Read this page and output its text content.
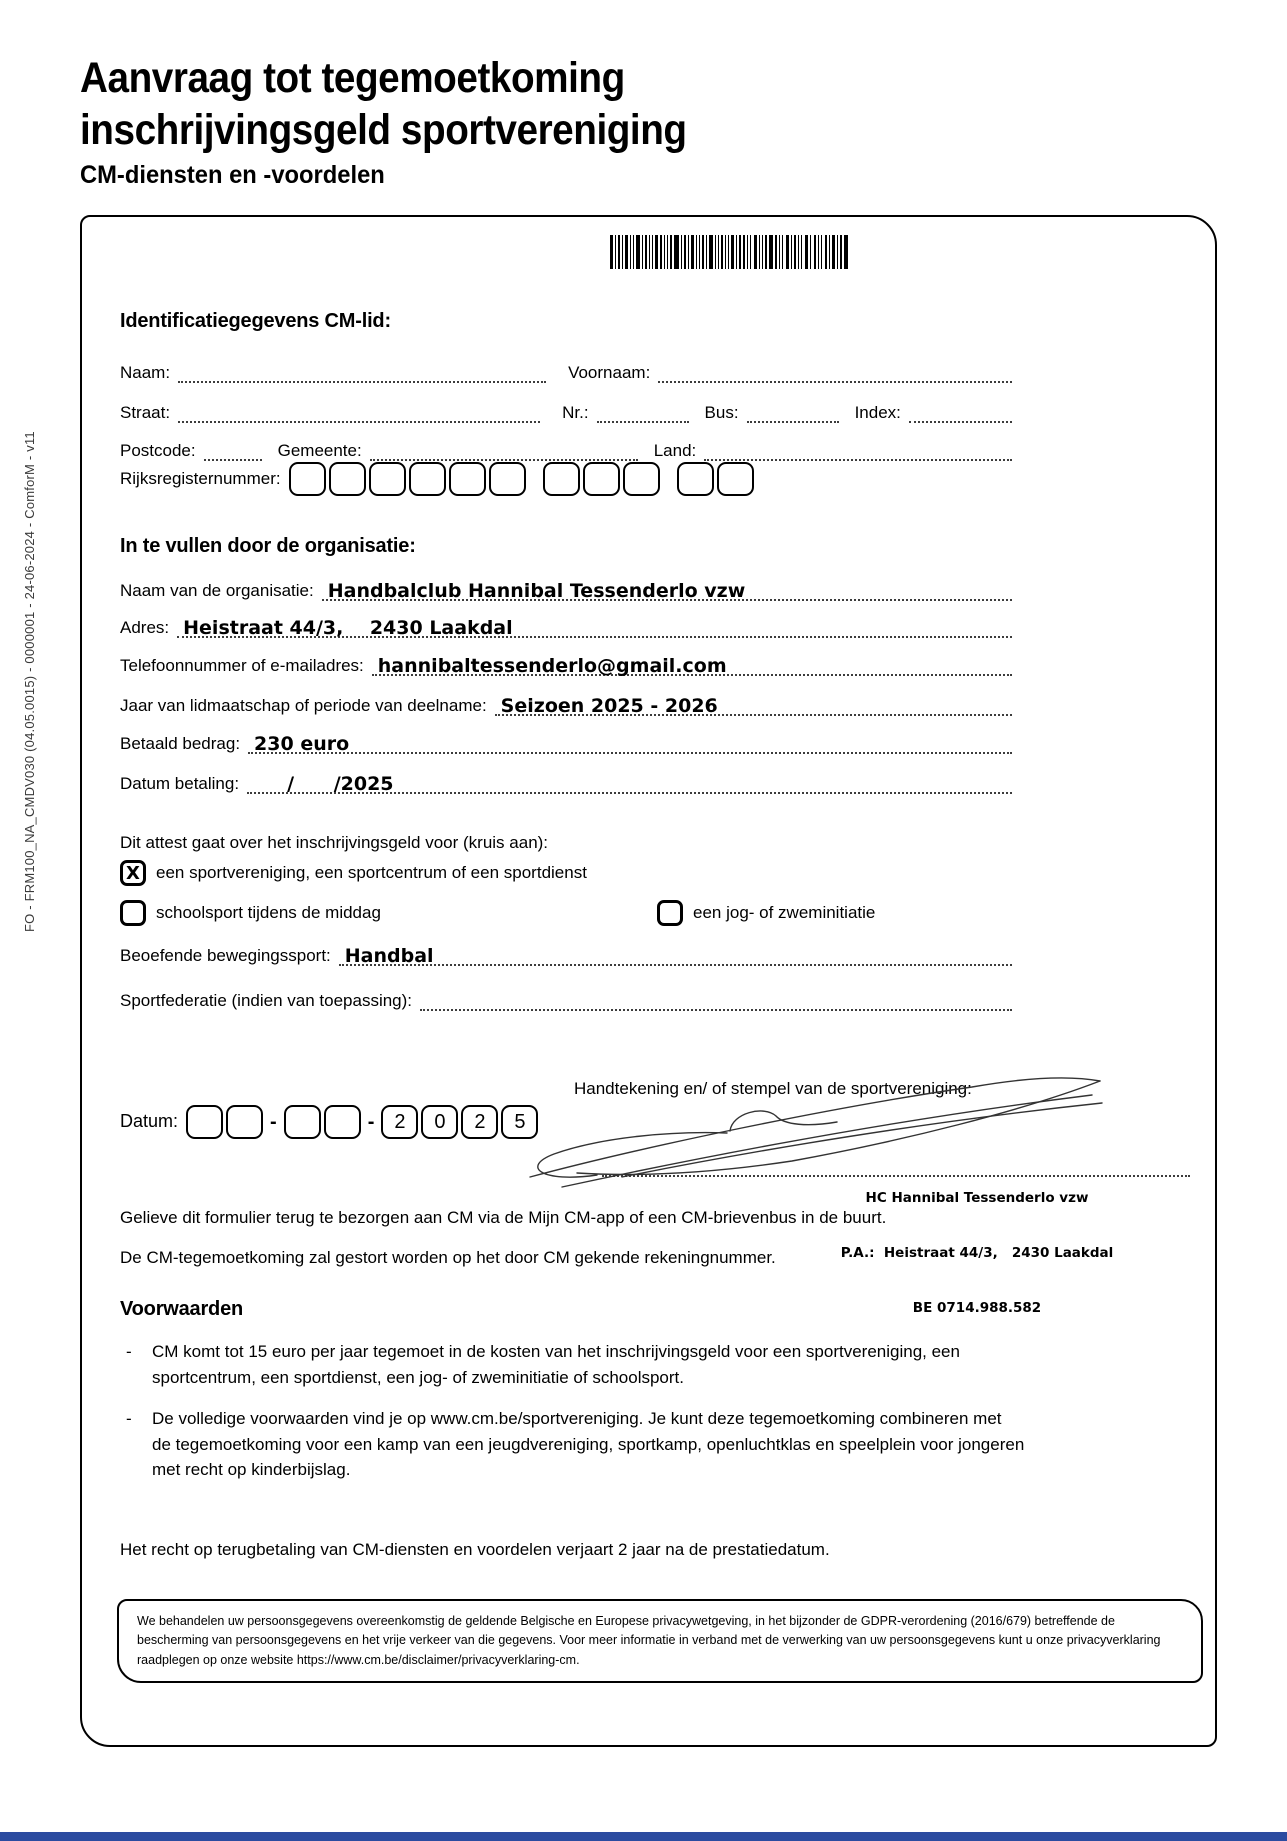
FO - FRM100_NA_CMDV030 (04.05.0015) - 0000001 - 24-06-2024 - ComforM - v11
Aanvraag tot tegemoetkoming
inschrijvingsgeld sportvereniging
CM-diensten en -voordelen
Identificatiegegevens CM-lid:
Naam:	Voornaam:
Straat:	Nr.:	Bus:	Index:
Postcode:	Gemeente:	Land:
Rijksregisternummer:
In te vullen door de organisatie:
Naam van de organisatie: Handbalclub Hannibal Tessenderlo vzw
Adres: Heistraat 44/3,    2430 Laakdal
Telefoonnummer of e-mailadres: hannibaltessenderlo@gmail.com
Jaar van lidmaatschap of periode van deelname: Seizoen 2025 - 2026
Betaald bedrag: 230 euro
Datum betaling:	/      /2025
Dit attest gaat over het inschrijvingsgeld voor (kruis aan):
X een sportvereniging, een sportcentrum of een sportdienst
schoolsport tijdens de middag	een jog- of zweminitiatie
Beoefende bewegingssport: Handbal
Sportfederatie (indien van toepassing):
Datum:	-	- 2	0	2	5
Handtekening en/ of stempel van de sportvereniging:

HC Hannibal Tessenderlo vzw

P.A.:  Heistraat 44/3,   2430 Laakdal

BE 0714.988.582

Gelieve dit formulier terug te bezorgen aan CM via de Mijn CM-app of een CM-brievenbus in de buurt.
De CM-tegemoetkoming zal gestort worden op het door CM gekende rekeningnummer.
Voorwaarden
-
CM komt tot 15 euro per jaar tegemoet in de kosten van het inschrijvingsgeld voor een sportvereniging, een sportcentrum, een sportdienst, een jog- of zweminitiatie of schoolsport.
-
De volledige voorwaarden vind je op www.cm.be/sportvereniging. Je kunt deze tegemoetkoming combineren met de tegemoetkoming voor een kamp van een jeugdvereniging, sportkamp, openluchtklas en speelplein voor jongeren met recht op kinderbijslag.
Het recht op terugbetaling van CM-diensten en voordelen verjaart 2 jaar na de prestatiedatum.
We behandelen uw persoonsgegevens overeenkomstig de geldende Belgische en Europese privacywetgeving, in het bijzonder de GDPR-verordening (2016/679) betreffende de bescherming van persoonsgegevens en het vrije verkeer van die gegevens. Voor meer informatie in verband met de verwerking van uw persoonsgegevens kunt u onze privacyverklaring raadplegen op onze website https://www.cm.be/disclaimer/privacyverklaring-cm.
